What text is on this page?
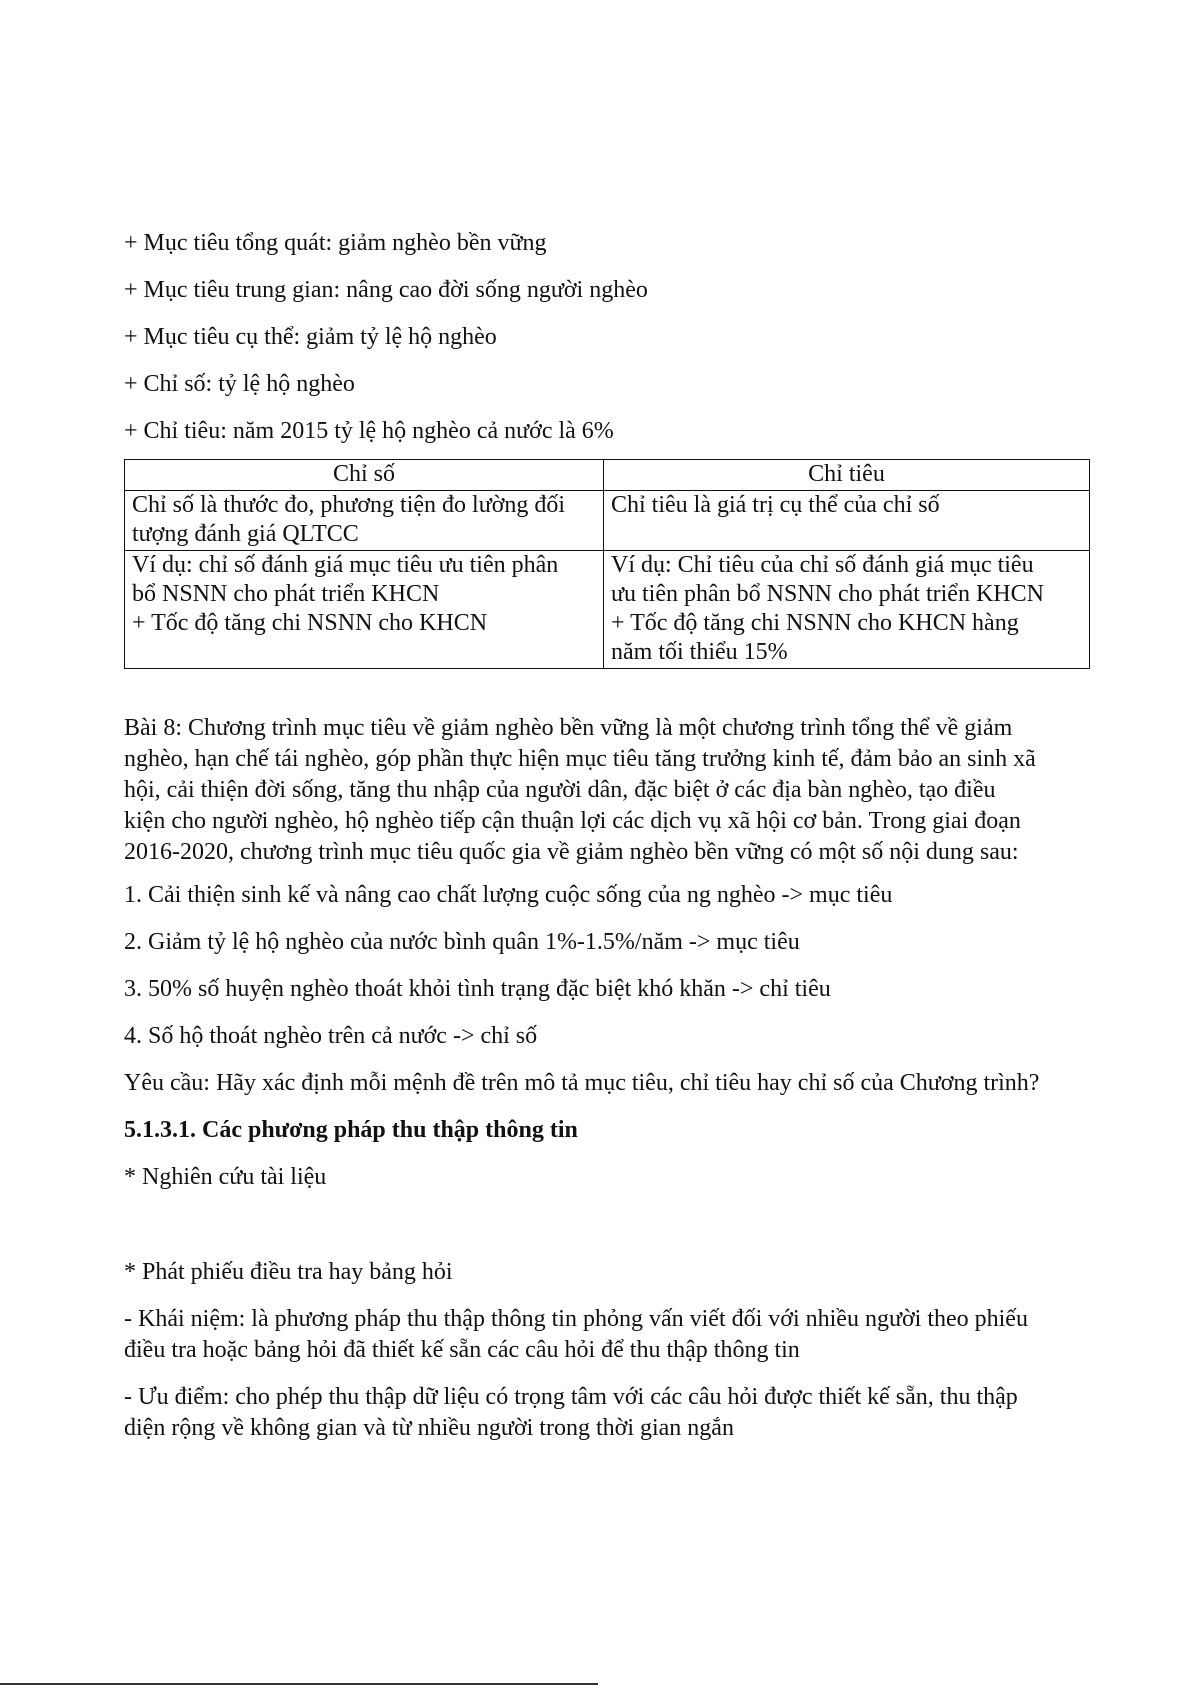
+ Mục tiêu tổng quát: giảm nghèo bền vững
+ Mục tiêu trung gian: nâng cao đời sống người nghèo
+ Mục tiêu cụ thể: giảm tỷ lệ hộ nghèo
+ Chỉ số: tỷ lệ hộ nghèo
+ Chỉ tiêu: năm 2015 tỷ lệ hộ nghèo cả nước là 6%
Chỉ số	Chỉ tiêu

Chỉ số là thước đo, phương tiện đo lường đối
tượng đánh giá QLTCC	Chỉ tiêu là giá trị cụ thể của chỉ số

Ví dụ: chỉ số đánh giá mục tiêu ưu tiên phân
bổ NSNN cho phát triển KHCN
+ Tốc độ tăng chi NSNN cho KHCN	Ví dụ: Chỉ tiêu của chỉ số đánh giá mục tiêu
ưu tiên phân bổ NSNN cho phát triển KHCN
+ Tốc độ tăng chi NSNN cho KHCN hàng
năm tối thiểu 15%
Bài 8: Chương trình mục tiêu về giảm nghèo bền vững là một chương trình tổng thể về giảm
nghèo, hạn chế tái nghèo, góp phần thực hiện mục tiêu tăng trưởng kinh tế, đảm bảo an sinh xã
hội, cải thiện đời sống, tăng thu nhập của người dân, đặc biệt ở các địa bàn nghèo, tạo điều
kiện cho người nghèo, hộ nghèo tiếp cận thuận lợi các dịch vụ xã hội cơ bản. Trong giai đoạn
2016-2020, chương trình mục tiêu quốc gia về giảm nghèo bền vững có một số nội dung sau:
1. Cải thiện sinh kế và nâng cao chất lượng cuộc sống của ng nghèo -> mục tiêu
2. Giảm tỷ lệ hộ nghèo của nước bình quân 1%-1.5%/năm -> mục tiêu
3. 50% số huyện nghèo thoát khỏi tình trạng đặc biệt khó khăn -> chỉ tiêu
4. Số hộ thoát nghèo trên cả nước -> chỉ số
Yêu cầu: Hãy xác định mỗi mệnh đề trên mô tả mục tiêu, chỉ tiêu hay chỉ số của Chương trình?
5.1.3.1. Các phương pháp thu thập thông tin
* Nghiên cứu tài liệu
* Phát phiếu điều tra hay bảng hỏi
- Khái niệm: là phương pháp thu thập thông tin phỏng vấn viết đối với nhiều người theo phiếu
điều tra hoặc bảng hỏi đã thiết kế sẵn các câu hỏi để thu thập thông tin
- Ưu điểm: cho phép thu thập dữ liệu có trọng tâm với các câu hỏi được thiết kế sẵn, thu thập
diện rộng về không gian và từ nhiều người trong thời gian ngắn
